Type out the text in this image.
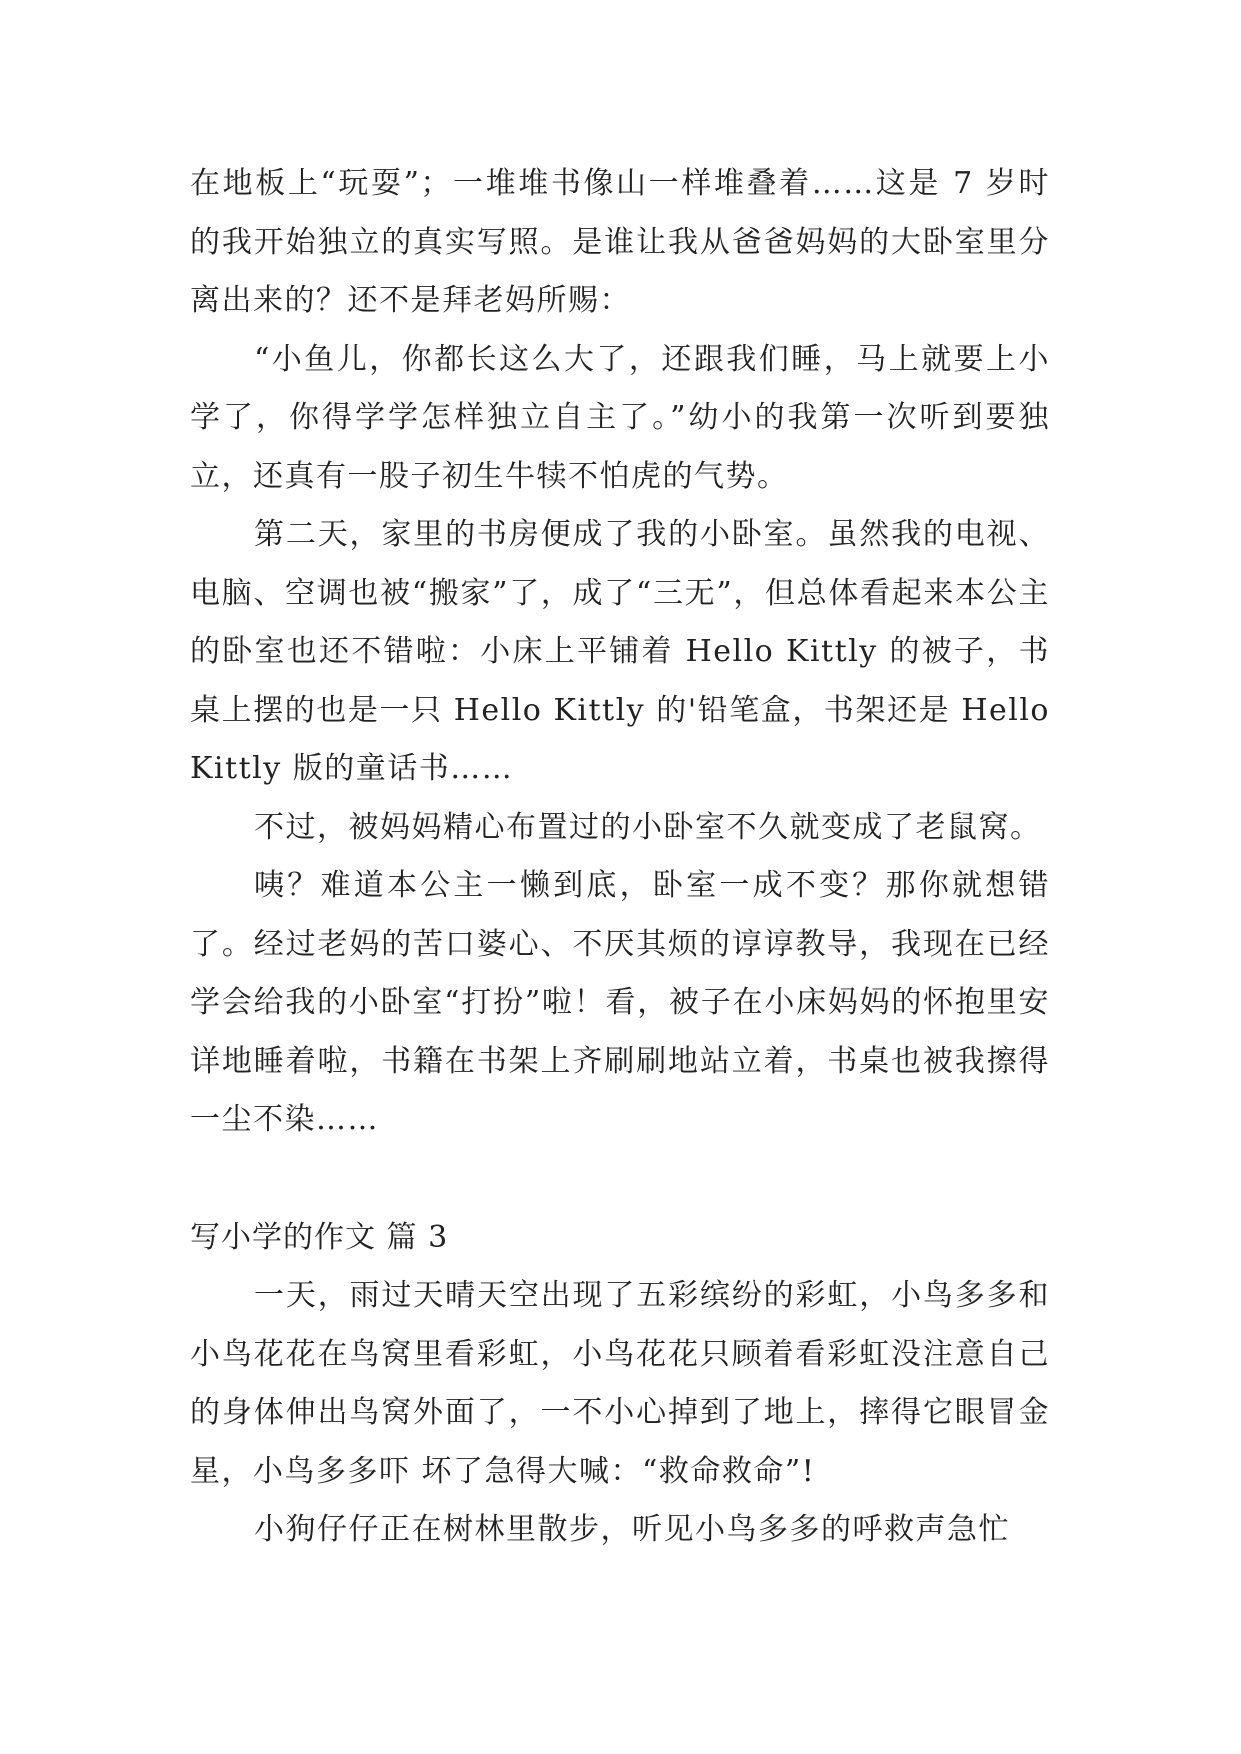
在地板上“玩耍”；一堆堆书像山一样堆叠着……这是 7 岁时的我开始独立的真实写照。是谁让我从爸爸妈妈的大卧室里分离出来的？还不是拜老妈所赐：

“小鱼儿，你都长这么大了，还跟我们睡，马上就要上小学了，你得学学怎样独立自主了。”幼小的我第一次听到要独立，还真有一股子初生牛犊不怕虎的气势。

第二天，家里的书房便成了我的小卧室。虽然我的电视、电脑、空调也被“搬家”了，成了“三无”，但总体看起来本公主的卧室也还不错啦：小床上平铺着 Hello Kittly 的被子，书桌上摆的也是一只 Hello Kittly 的'铅笔盒，书架还是 Hello Kittly 版的童话书……

不过，被妈妈精心布置过的小卧室不久就变成了老鼠窝。

咦？难道本公主一懒到底，卧室一成不变？那你就想错了。经过老妈的苦口婆心、不厌其烦的谆谆教导，我现在已经学会给我的小卧室“打扮”啦！看，被子在小床妈妈的怀抱里安详地睡着啦，书籍在书架上齐刷刷地站立着，书桌也被我擦得一尘不染……

写小学的作文 篇 3

一天，雨过天晴天空出现了五彩缤纷的彩虹，小鸟多多和小鸟花花在鸟窝里看彩虹，小鸟花花只顾着看彩虹没注意自己的身体伸出鸟窝外面了，一不小心掉到了地上，摔得它眼冒金星，小鸟多多吓 坏了急得大喊：“救命救命”!

小狗仔仔正在树林里散步，听见小鸟多多的呼救声急忙
